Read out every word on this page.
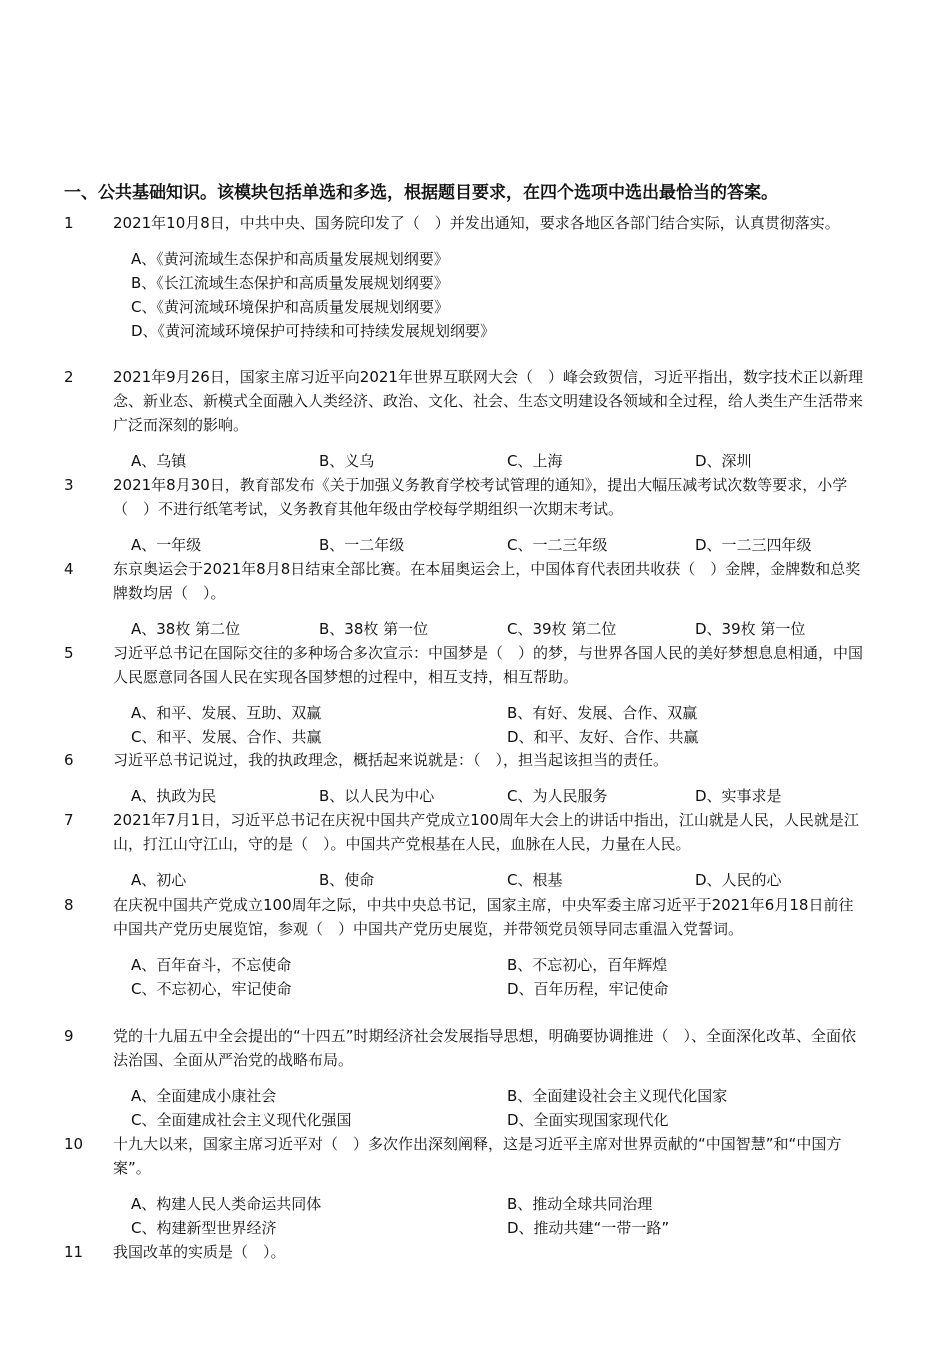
一、公共基础知识。该模块包括单选和多选，根据题目要求，在四个选项中选出最恰当的答案。
1	2021年10月8日，中共中央、国务院印发了（　）并发出通知，要求各地区各部门结合实际，认真贯彻落实。
A、《黄河流域生态保护和高质量发展规划纲要》
B、《长江流域生态保护和高质量发展规划纲要》
C、《黄河流域环境保护和高质量发展规划纲要》
D、《黄河流域环境保护可持续和可持续发展规划纲要》
2	2021年9月26日，国家主席习近平向2021年世界互联网大会（　）峰会致贺信，习近平指出，数字技术正以新理念、新业态、新模式全面融入人类经济、政治、文化、社会、生态文明建设各领域和全过程，给人类生产生活带来广泛而深刻的影响。
A、乌镇	B、义乌	C、上海	D、深圳
3	2021年8月30日，教育部发布《关于加强义务教育学校考试管理的通知》，提出大幅压减考试次数等要求，小学（　）不进行纸笔考试，义务教育其他年级由学校每学期组织一次期末考试。
A、一年级	B、一二年级	C、一二三年级	D、一二三四年级
4	东京奥运会于2021年8月8日结束全部比赛。在本届奥运会上，中国体育代表团共收获（　）金牌，金牌数和总奖牌数均居（　）。
A、38枚 第二位	B、38枚 第一位	C、39枚 第二位	D、39枚 第一位
5	习近平总书记在国际交往的多种场合多次宣示：中国梦是（　）的梦，与世界各国人民的美好梦想息息相通，中国人民愿意同各国人民在实现各国梦想的过程中，相互支持，相互帮助。
A、和平、发展、互助、双赢	B、有好、发展、合作、双赢
C、和平、发展、合作、共赢	D、和平、友好、合作、共赢
6	习近平总书记说过，我的执政理念，概括起来说就是：（　），担当起该担当的责任。
A、执政为民	B、以人民为中心	C、为人民服务	D、实事求是
7	2021年7月1日，习近平总书记在庆祝中国共产党成立100周年大会上的讲话中指出，江山就是人民，人民就是江山，打江山守江山，守的是（　）。中国共产党根基在人民，血脉在人民，力量在人民。
A、初心	B、使命	C、根基	D、人民的心
8	在庆祝中国共产党成立100周年之际，中共中央总书记，国家主席，中央军委主席习近平于2021年6月18日前往中国共产党历史展览馆，参观（　）中国共产党历史展览，并带领党员领导同志重温入党誓词。
A、百年奋斗，不忘使命	B、不忘初心，百年辉煌
C、不忘初心，牢记使命	D、百年历程，牢记使命
9	党的十九届五中全会提出的“十四五”时期经济社会发展指导思想，明确要协调推进（　）、全面深化改革、全面依法治国、全面从严治党的战略布局。
A、全面建成小康社会	B、全面建设社会主义现代化国家
C、全面建成社会主义现代化强国	D、全面实现国家现代化
10 十九大以来，国家主席习近平对（　）多次作出深刻阐释，这是习近平主席对世界贡献的“中国智慧”和“中国方案”。
A、构建人民人类命运共同体	B、推动全球共同治理
C、构建新型世界经济	D、推动共建“一带一路”
11 我国改革的实质是（　）。
